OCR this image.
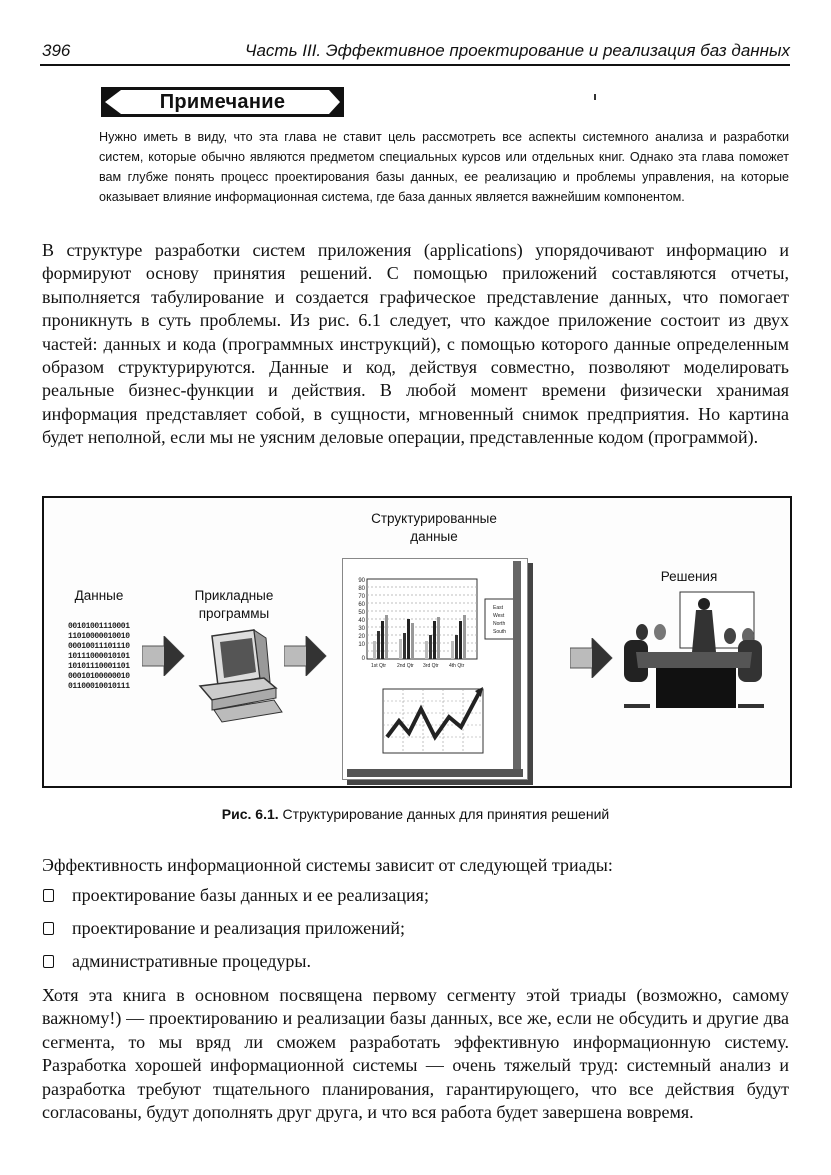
396	Часть III. Эффективное проектирование и реализация баз данных
Примечание
Нужно иметь в виду, что эта глава не ставит цель рассмотреть все аспекты системного анализа и разработки систем, которые обычно являются предметом специальных курсов или отдельных книг. Однако эта глава поможет вам глубже понять процесс проектирования базы данных, ее реализацию и проблемы управления, на которые оказывает влияние информационная система, где база данных является важнейшим компонентом.
В структуре разработки систем приложения (applications) упорядочивают информацию и формируют основу принятия решений. С помощью приложений составляются отчеты, выполняется табулирование и создается графическое представление данных, что помогает проникнуть в суть проблемы. Из рис. 6.1 следует, что каждое приложение состоит из двух частей: данных и кода (программных инструкций), с помощью которого данные определенным образом структурируются. Данные и код, действуя совместно, позволяют моделировать реальные бизнес-функции и действия. В любой момент времени физически хранимая информация представляет собой, в сущности, мгновенный снимок предприятия. Но картина будет неполной, если мы не уясним деловые операции, представленные кодом (программой).
Данные
00101001110001
11010000010010
00010011101110
10111000010101
10101110001101
00010100000010
01100010010111
Прикладные
программы
Структурированные
данные
90
80
70
60
50
40
30
20
10
0
1st Qtr 2nd Qtr 3rd Qtr 4th Qtr
East
West
North
South
Решения
Рис. 6.1. Структурирование данных для принятия решений
Эффективность информационной системы зависит от следующей триады:
проектирование базы данных и ее реализация;
проектирование и реализация приложений;
административные процедуры.
Хотя эта книга в основном посвящена первому сегменту этой триады (возможно, самому важному!) — проектированию и реализации базы данных, все же, если не обсудить и другие два сегмента, то мы вряд ли сможем разработать эффективную информационную систему. Разработка хорошей информационной системы — очень тяжелый труд: системный анализ и разработка требуют тщательного планирования, гарантирующего, что все действия будут согласованы, будут дополнять друг друга, и что вся работа будет завершена вовремя.
